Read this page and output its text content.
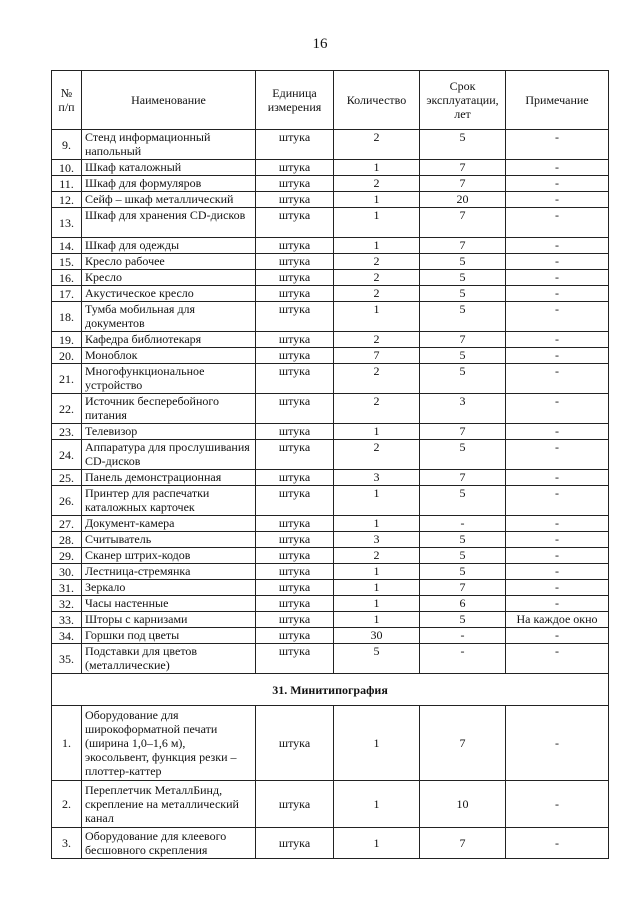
16
№ п/п	Наименование	Единица измерения	Количество	Срок эксплуатации, лет	Примечание
9.	Стенд информационный напольный	штука	2	5	-
10.	Шкаф каталожный	штука	1	7	-
11.	Шкаф для формуляров	штука	2	7	-
12.	Сейф – шкаф металлический	штука	1	20	-
13.	Шкаф для хранения CD-дисков	штука	1	7	-
14.	Шкаф для одежды	штука	1	7	-
15.	Кресло рабочее	штука	2	5	-
16.	Кресло	штука	2	5	-
17.	Акустическое кресло	штука	2	5	-
18.	Тумба мобильная для документов	штука	1	5	-
19.	Кафедра библиотекаря	штука	2	7	-
20.	Моноблок	штука	7	5	-
21.	Многофункциональное устройство	штука	2	5	-
22.	Источник бесперебойного питания	штука	2	3	-
23.	Телевизор	штука	1	7	-
24.	Аппаратура для прослушивания CD-дисков	штука	2	5	-
25.	Панель демонстрационная	штука	3	7	-
26.	Принтер для распечатки каталожных карточек	штука	1	5	-
27.	Документ-камера	штука	1	-	-
28.	Считыватель	штука	3	5	-
29.	Сканер штрих-кодов	штука	2	5	-
30.	Лестница-стремянка	штука	1	5	-
31.	Зеркало	штука	1	7	-
32.	Часы настенные	штука	1	6	-
33.	Шторы с карнизами	штука	1	5	На каждое окно
34.	Горшки под цветы	штука	30	-	-
35.	Подставки для цветов (металлические)	штука	5	-	-
31. Минитипография					
1.	Оборудование для широкоформатной печати (ширина 1,0–1,6 м), экосольвент, функция резки – плоттер-каттер	штука	1	7	-
2.	Переплетчик МеталлБинд, скрепление на металлический канал	штука	1	10	-
3.	Оборудование для клеевого бесшовного скрепления	штука	1	7	-
